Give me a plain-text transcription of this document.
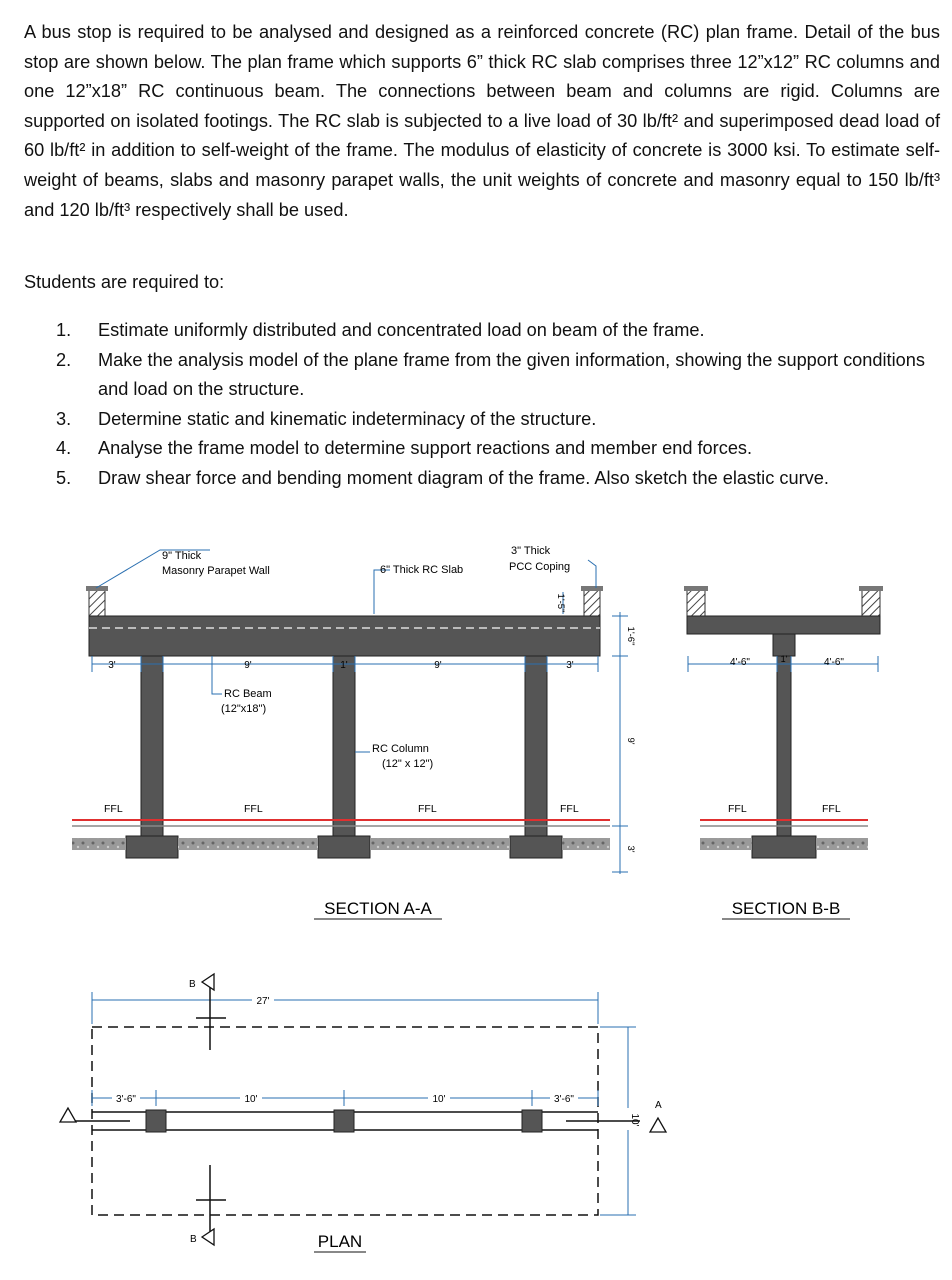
A bus stop is required to be analysed and designed as a reinforced concrete (RC) plan frame. Detail of the bus stop are shown below. The plan frame which supports 6” thick RC slab comprises three 12”x12” RC columns and one 12”x18” RC continuous beam. The connections between beam and columns are rigid. Columns are supported on isolated footings. The RC slab is subjected to a live load of 30 lb/ft² and superimposed dead load of 60 lb/ft² in addition to self-weight of the frame. The modulus of elasticity of concrete is 3000 ksi. To estimate self-weight of beams, slabs and masonry parapet walls, the unit weights of concrete and masonry equal to 150 lb/ft³ and 120 lb/ft³ respectively shall be used.
Students are required to:
1. Estimate uniformly distributed and concentrated load on beam of the frame.
2. Make the analysis model of the plane frame from the given information, showing the support conditions and load on the structure.
3. Determine static and kinematic indeterminacy of the structure.
4. Analyse the frame model to determine support reactions and member end forces.
5. Draw shear force and bending moment diagram of the frame. Also sketch the elastic curve.
FFL	FFL	FFL	FFL
3'	9'	1'	9'	3'
1'-6"
1'-5"
9'
3'
9" Thick
Masonry Parapet Wall	6" Thick RC Slab
3" Thick
PCC Coping
RC Beam
(12"x18")
RC Column
(12" x 12")
SECTION A-A
FFL	FFL
4'-6"	1'	4'-6"
SECTION B-B
27'
3'-6"	10'	10'	3'-6"
10'
B
B
A
PLAN
